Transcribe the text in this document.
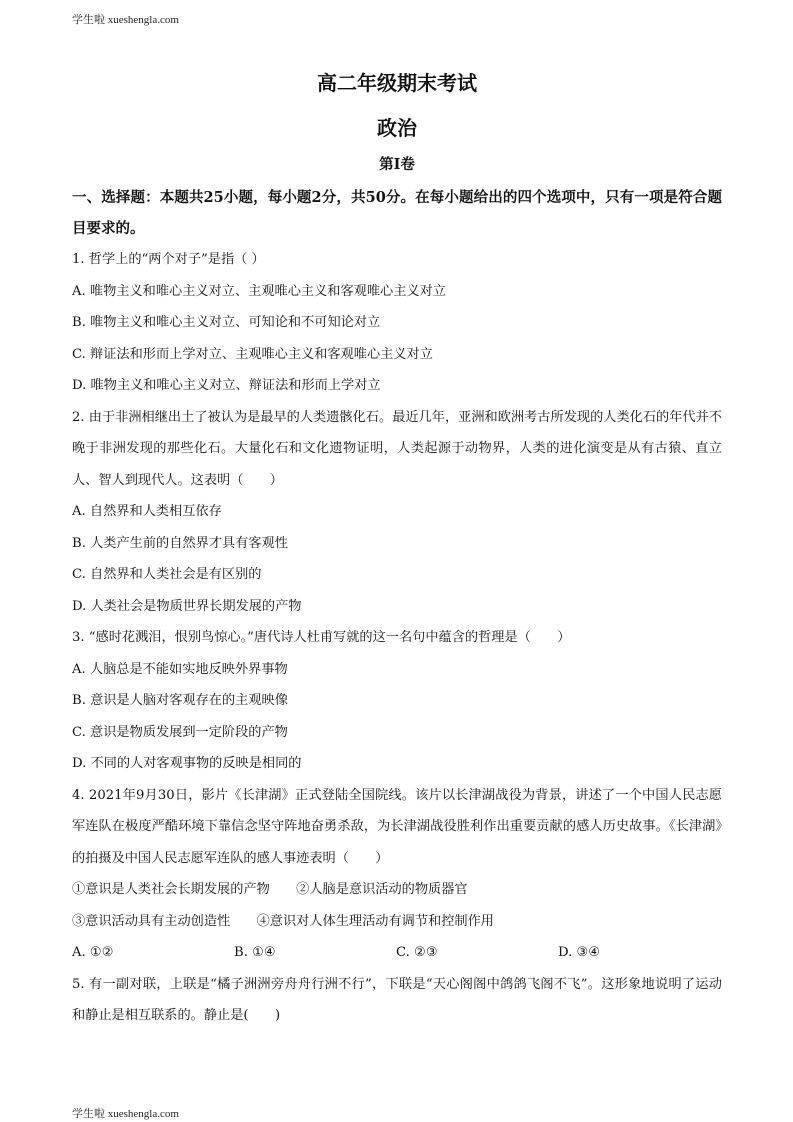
学生啦 xueshengla.com
高二年级期末考试
政治
第Ⅰ卷
一、选择题：本题共25小题，每小题2分，共50分。在每小题给出的四个选项中，只有一项是符合题目要求的。
1. 哲学上的“两个对子”是指（ ）
A. 唯物主义和唯心主义对立、主观唯心主义和客观唯心主义对立
B. 唯物主义和唯心主义对立、可知论和不可知论对立
C. 辩证法和形而上学对立、主观唯心主义和客观唯心主义对立
D. 唯物主义和唯心主义对立、辩证法和形而上学对立
2. 由于非洲相继出土了被认为是最早的人类遗骸化石。最近几年，亚洲和欧洲考古所发现的人类化石的年代并不晚于非洲发现的那些化石。大量化石和文化遗物证明，人类起源于动物界，人类的进化演变是从有古猿、直立人、智人到现代人。这表明（　　）
A. 自然界和人类相互依存
B. 人类产生前的自然界才具有客观性
C. 自然界和人类社会是有区别的
D. 人类社会是物质世界长期发展的产物
3. “感时花溅泪，恨别鸟惊心。”唐代诗人杜甫写就的这一名句中蕴含的哲理是（　　）
A. 人脑总是不能如实地反映外界事物
B. 意识是人脑对客观存在的主观映像
C. 意识是物质发展到一定阶段的产物
D. 不同的人对客观事物的反映是相同的
4. 2021年9月30日，影片《长津湖》正式登陆全国院线。该片以长津湖战役为背景，讲述了一个中国人民志愿军连队在极度严酷环境下靠信念坚守阵地奋勇杀敌，为长津湖战役胜利作出重要贡献的感人历史故事。《长津湖》的拍摄及中国人民志愿军连队的感人事迹表明（　　）
①意识是人类社会长期发展的产物　　②人脑是意识活动的物质器官
③意识活动具有主动创造性　　④意识对人体生理活动有调节和控制作用
A. ①②	B. ①④	C. ②③	D. ③④
5. 有一副对联，上联是“橘子洲洲旁舟舟行洲不行”，下联是“天心阁阁中鸽鸽飞阁不飞”。这形象地说明了运动和静止是相互联系的。静止是(　　)
学生啦 xueshengla.com
